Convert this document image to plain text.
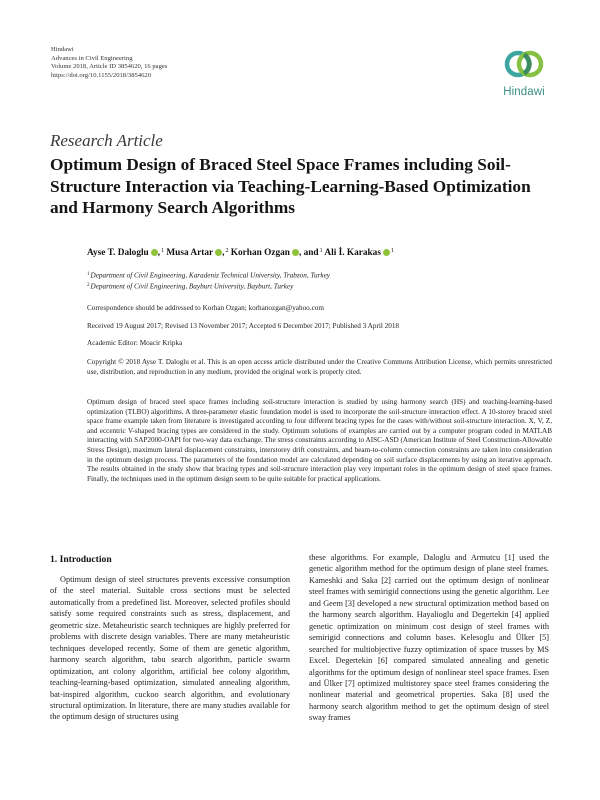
Hindawi
Advances in Civil Engineering
Volume 2018, Article ID 3854620, 16 pages
https://doi.org/10.1155/2018/3854620
Hindawi
Research Article
Optimum Design of Braced Steel Space Frames including Soil-Structure Interaction via Teaching-Learning-Based Optimization and Harmony Search Algorithms
Ayse T. Daloglu ,$^1$ Musa Artar ,$^2$ Korhan Ozgan , and$^1$ Ali İ. Karakas $^1$
$^1$Department of Civil Engineering, Karadeniz Technical University, Trabzon, Turkey
$^2$Department of Civil Engineering, Bayburt University, Bayburt, Turkey
Correspondence should be addressed to Korhan Ozgan; korhanozgan@yahoo.com
Received 19 August 2017; Revised 13 November 2017; Accepted 6 December 2017; Published 3 April 2018
Academic Editor: Moacir Kripka
Copyright © 2018 Ayse T. Daloglu et al. This is an open access article distributed under the Creative Commons Attribution License, which permits unrestricted use, distribution, and reproduction in any medium, provided the original work is properly cited.
Optimum design of braced steel space frames including soil-structure interaction is studied by using harmony search (HS) and teaching-learning-based optimization (TLBO) algorithms. A three-parameter elastic foundation model is used to incorporate the soil-structure interaction effect. A 10-storey braced steel space frame example taken from literature is investigated according to four different bracing types for the cases with/without soil-structure interaction. X, V, Z, and eccentric V-shaped bracing types are considered in the study. Optimum solutions of examples are carried out by a computer program coded in MATLAB interacting with SAP2000-OAPI for two-way data exchange. The stress constraints according to AISC-ASD (American Institute of Steel Construction-Allowable Stress Design), maximum lateral displacement constraints, interstorey drift constraints, and beam-to-column connection constraints are taken into consideration in the optimum design process. The parameters of the foundation model are calculated depending on soil surface displacements by using an iterative approach. The results obtained in the study show that bracing types and soil-structure interaction play very important roles in the optimum design of steel space frames. Finally, the techniques used in the optimum design seem to be quite suitable for practical applications.
1. Introduction

Optimum design of steel structures prevents excessive consumption of the steel material. Suitable cross sections must be selected automatically from a predefined list. Moreover, selected profiles should satisfy some required constraints such as stress, displacement, and geometric size. Metaheuristic search techniques are highly preferred for problems with discrete design variables. There are many metaheuristic techniques developed recently. Some of them are genetic algorithm, harmony search algorithm, tabu search algorithm, particle swarm optimization, ant colony algorithm, artificial bee colony algorithm, teaching-learning-based optimization, simulated annealing algorithm, bat-inspired algorithm, cuckoo search algorithm, and evolutionary structural optimization. In literature, there are many studies available for the optimum design of structures using

these algorithms. For example, Daloglu and Armutcu [1] used the genetic algorithm method for the optimum design of plane steel frames. Kameshki and Saka [2] carried out the optimum design of nonlinear steel frames with semirigid connections using the genetic algorithm. Lee and Geem [3] developed a new structural optimization method based on the harmony search algorithm. Hayalioglu and Degertekin [4] applied genetic optimization on minimum cost design of steel frames with semirigid connections and column bases. Kelesoglu and Ülker [5] searched for multiobjective fuzzy optimization of space trusses by MS Excel. Degertekin [6] compared simulated annealing and genetic algorithms for the optimum design of nonlinear steel space frames. Esen and Ülker [7] optimized multistorey space steel frames considering the nonlinear material and geometrical properties. Saka [8] used the harmony search algorithm method to get the optimum design of steel sway frames
